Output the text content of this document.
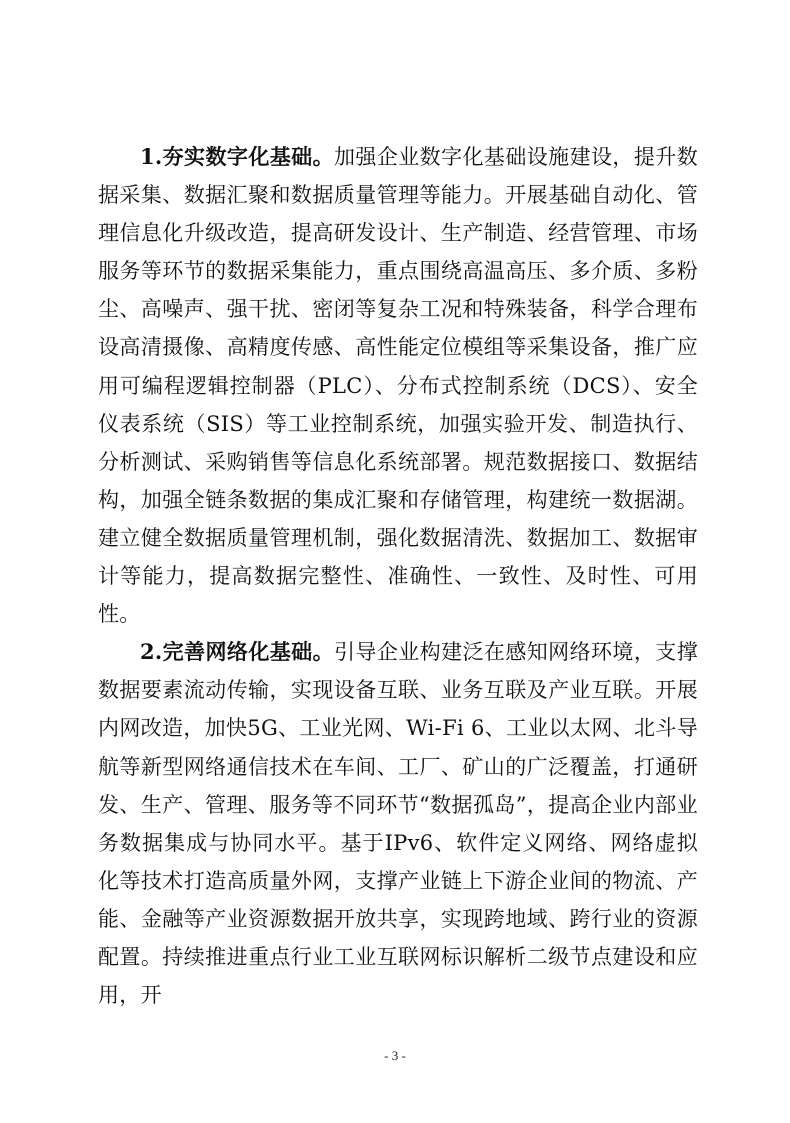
1.夯实数字化基础。加强企业数字化基础设施建设，提升数据采集、数据汇聚和数据质量管理等能力。开展基础自动化、管理信息化升级改造，提高研发设计、生产制造、经营管理、市场服务等环节的数据采集能力，重点围绕高温高压、多介质、多粉尘、高噪声、强干扰、密闭等复杂工况和特殊装备，科学合理布设高清摄像、高精度传感、高性能定位模组等采集设备，推广应用可编程逻辑控制器（PLC）、分布式控制系统（DCS）、安全仪表系统（SIS）等工业控制系统，加强实验开发、制造执行、分析测试、采购销售等信息化系统部署。规范数据接口、数据结构，加强全链条数据的集成汇聚和存储管理，构建统一数据湖。建立健全数据质量管理机制，强化数据清洗、数据加工、数据审计等能力，提高数据完整性、准确性、一致性、及时性、可用性。

2.完善网络化基础。引导企业构建泛在感知网络环境，支撑数据要素流动传输，实现设备互联、业务互联及产业互联。开展内网改造，加快5G、工业光网、Wi-Fi 6、工业以太网、北斗导航等新型网络通信技术在车间、工厂、矿山的广泛覆盖，打通研发、生产、管理、服务等不同环节“数据孤岛”，提高企业内部业务数据集成与协同水平。基于IPv6、软件定义网络、网络虚拟化等技术打造高质量外网，支撑产业链上下游企业间的物流、产能、金融等产业资源数据开放共享，实现跨地域、跨行业的资源配置。持续推进重点行业工业互联网标识解析二级节点建设和应用，开

- 3 -
